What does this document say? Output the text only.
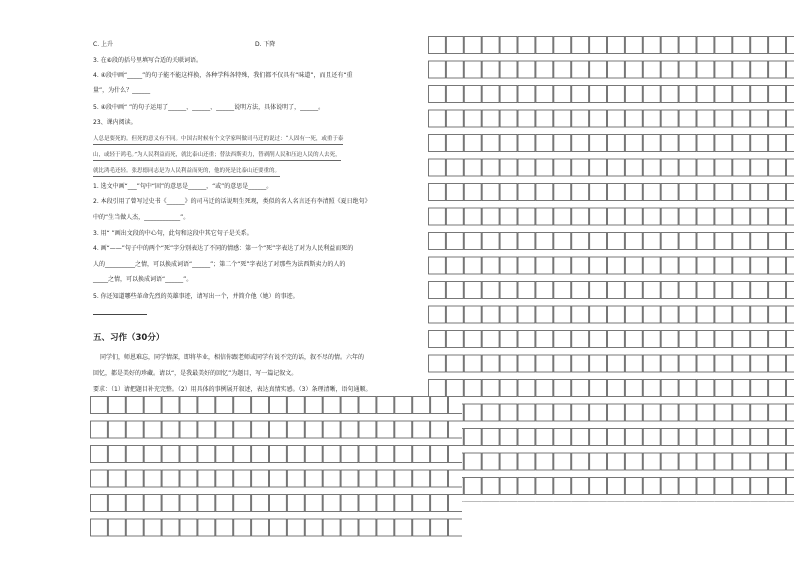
C. 上升	D. 下降
3. 在⑥段的括号里填写合适的关联词语。
4. ④段中画“_____”的句子能不能这样换，各种学科各特殊，我们都不仅具有“味道”，而且还有“重
量”，为什么？______
5. ④段中画“ ”的句子运用了______、______、______说明方法，具体说明了，______。
23、课内阅读。
人总是要死的。但死的意义有不同。中国古时候有个文学家叫做司马迁的说过：“人固有一死，或重于泰
山，或轻于鸿毛。”为人民利益而死，就比泰山还重；替法西斯卖力，替剥削人民和压迫人民的人去死，
就比鸿毛还轻。张思德同志是为人民利益而死的，他的死是比泰山还要重的。
1. 选文中画“___”句中“固”的意思是______，“或”的意思是______。
2. 本段引用了曾写过史书《______》的司马迁的话说明生死观，类似的名人名言还有李清照《夏日绝句》
中的“生当做人杰，____________”。
3. 用“ ”画出文段的中心句，此句和这段中其它句子是关系。
4. 画“——”句子中的两个“死”字分别表达了不同的情感：第一个“死”字表达了对为人民利益而死的
人的__________之情，可以换成词语“______”；第二个“死”字表达了对那些为法西斯卖力的人的
_____之情，可以换成词语“______”。
5. 你还知道哪些革命先烈的英雄事迹，请写出一个，并简介他（她）的事迹。
五、习作（30分）
同学们，师恩难忘，同学情深，即将毕业，相信你跟老师或同学有说不完的话，叙不尽的情。六年的
回忆，都是美好的珍藏。请以“，是我最美好的回忆”为题目，写一篇记叙文。
要求：（1）请把题目补充完整。（2）用具体的事例展开叙述，表达真情实感。（3）条理清晰，语句通顺。
